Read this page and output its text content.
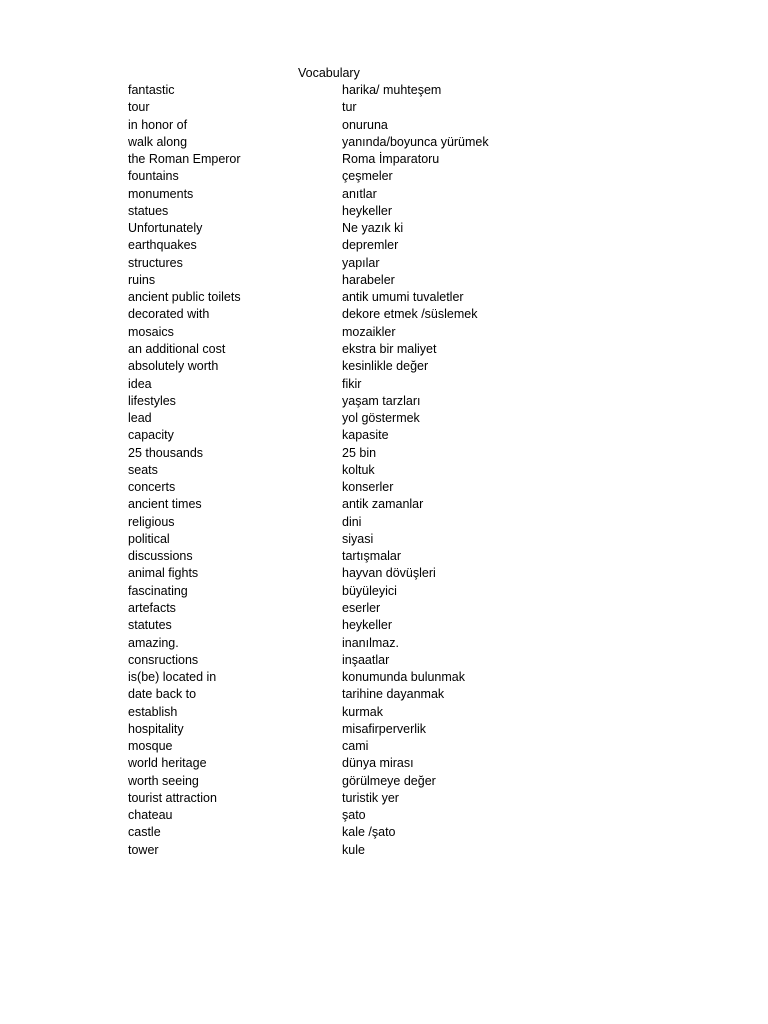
Vocabulary
fantastic	harika/ muhteşem
tour	tur
in honor of	onuruna
walk along	yanında/boyunca yürümek
the Roman Emperor	Roma İmparatoru
fountains	çeşmeler
monuments	anıtlar
statues	heykeller
Unfortunately	Ne yazık ki
earthquakes	depremler
structures	yapılar
ruins	harabeler
ancient public toilets	antik umumi tuvaletler
decorated with	dekore etmek /süslemek
mosaics	mozaikler
an additional cost	ekstra bir maliyet
absolutely worth	kesinlikle değer
idea	fikir
lifestyles	yaşam tarzları
lead	yol göstermek
capacity	kapasite
25 thousands	25 bin
seats	koltuk
concerts	konserler
ancient times	antik zamanlar
religious	dini
political	siyasi
discussions	tartışmalar
animal fights	hayvan dövüşleri
fascinating	büyüleyici
artefacts	eserler
statutes	heykeller
amazing.	inanılmaz.
consructions	inşaatlar
is(be) located in	konumunda bulunmak
date back to	tarihine dayanmak
establish	kurmak
hospitality	misafirperverlik
mosque	cami
world heritage	dünya mirası
worth seeing	görülmeye değer
tourist attraction	turistik yer
chateau	şato
castle	kale /şato
tower	kule
